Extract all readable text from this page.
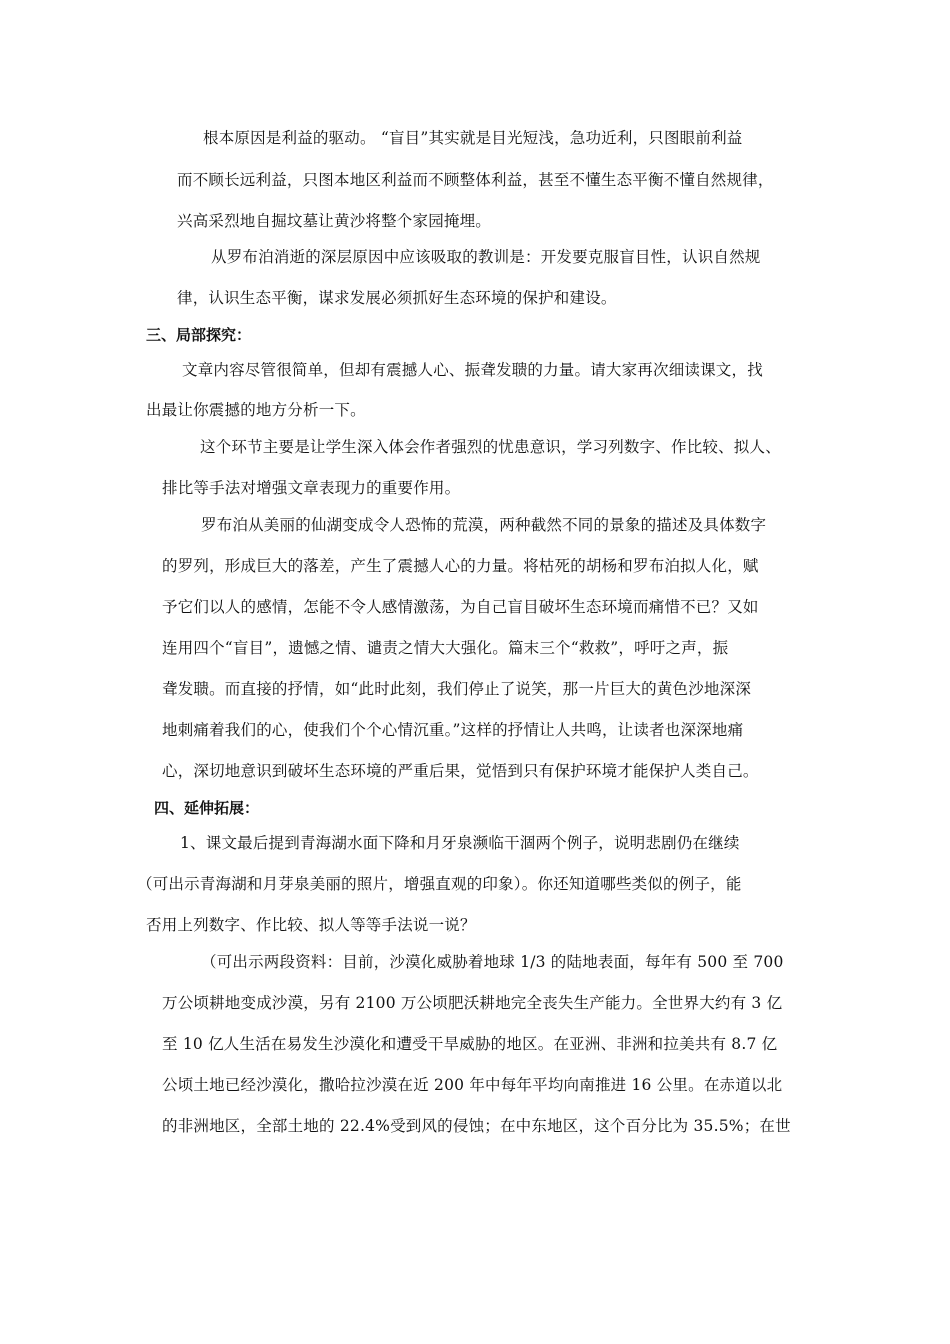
根本原因是利益的驱动。 “盲目”其实就是目光短浅，急功近利，只图眼前利益
而不顾长远利益，只图本地区利益而不顾整体利益，甚至不懂生态平衡不懂自然规律，
兴高采烈地自掘坟墓让黄沙将整个家园掩埋。
从罗布泊消逝的深层原因中应该吸取的教训是：开发要克服盲目性，认识自然规
律，认识生态平衡，谋求发展必须抓好生态环境的保护和建设。
三、局部探究：
文章内容尽管很简单，但却有震撼人心、振聋发聩的力量。请大家再次细读课文，找
出最让你震撼的地方分析一下。
这个环节主要是让学生深入体会作者强烈的忧患意识，学习列数字、作比较、拟人、
排比等手法对增强文章表现力的重要作用。
罗布泊从美丽的仙湖变成令人恐怖的荒漠，两种截然不同的景象的描述及具体数字
的罗列，形成巨大的落差，产生了震撼人心的力量。将枯死的胡杨和罗布泊拟人化，赋
予它们以人的感情，怎能不令人感情激荡，为自己盲目破坏生态环境而痛惜不已？又如
连用四个“盲目”，遗憾之情、谴责之情大大强化。篇末三个“救救”，呼吁之声，振
聋发聩。而直接的抒情，如“此时此刻，我们停止了说笑，那一片巨大的黄色沙地深深
地刺痛着我们的心，使我们个个心情沉重。”这样的抒情让人共鸣，让读者也深深地痛
心，深切地意识到破坏生态环境的严重后果，觉悟到只有保护环境才能保护人类自己。
四、延伸拓展：
1、课文最后提到青海湖水面下降和月牙泉濒临干涸两个例子，说明悲剧仍在继续
（可出示青海湖和月芽泉美丽的照片，增强直观的印象）。你还知道哪些类似的例子，能
否用上列数字、作比较、拟人等等手法说一说？
（可出示两段资料：目前，沙漠化威胁着地球 1/3 的陆地表面，每年有 500 至 700
万公顷耕地变成沙漠，另有 2100 万公顷肥沃耕地完全丧失生产能力。全世界大约有 3 亿
至 10 亿人生活在易发生沙漠化和遭受干旱威胁的地区。在亚洲、非洲和拉美共有 8.7 亿
公顷土地已经沙漠化，撒哈拉沙漠在近 200 年中每年平均向南推进 16 公里。在赤道以北
的非洲地区，全部土地的 22.4%受到风的侵蚀；在中东地区，这个百分比为 35.5%；在世
